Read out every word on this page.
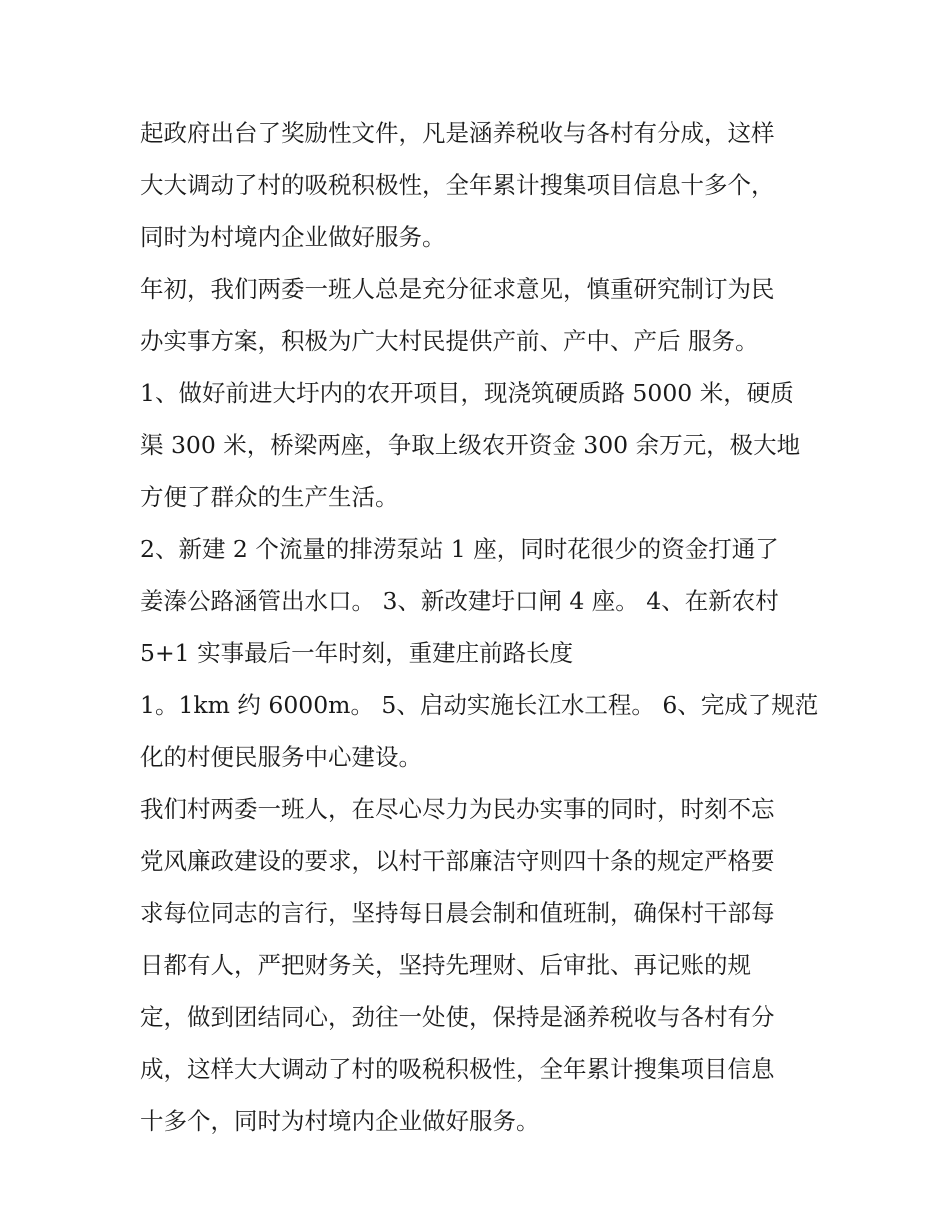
起政府出台了奖励性文件，凡是涵养税收与各村有分成，这样
大大调动了村的吸税积极性，全年累计搜集项目信息十多个，
同时为村境内企业做好服务。
年初，我们两委一班人总是充分征求意见，慎重研究制订为民
办实事方案，积极为广大村民提供产前、产中、产后 服务。
1、做好前进大圩内的农开项目，现浇筑硬质路 5000 米，硬质
渠 300 米，桥梁两座，争取上级农开资金 300 余万元，极大地
方便了群众的生产生活。
2、新建 2 个流量的排涝泵站 1 座，同时花很少的资金打通了
姜溱公路涵管出水口。 3、新改建圩口闸 4 座。 4、在新农村
5+1 实事最后一年时刻，重建庄前路长度
1。1km 约 6000m。 5、启动实施长江水工程。 6、完成了规范
化的村便民服务中心建设。
我们村两委一班人，在尽心尽力为民办实事的同时，时刻不忘
党风廉政建设的要求，以村干部廉洁守则四十条的规定严格要
求每位同志的言行，坚持每日晨会制和值班制，确保村干部每
日都有人，严把财务关，坚持先理财、后审批、再记账的规
定，做到团结同心，劲往一处使，保持是涵养税收与各村有分
成，这样大大调动了村的吸税积极性，全年累计搜集项目信息
十多个，同时为村境内企业做好服务。
